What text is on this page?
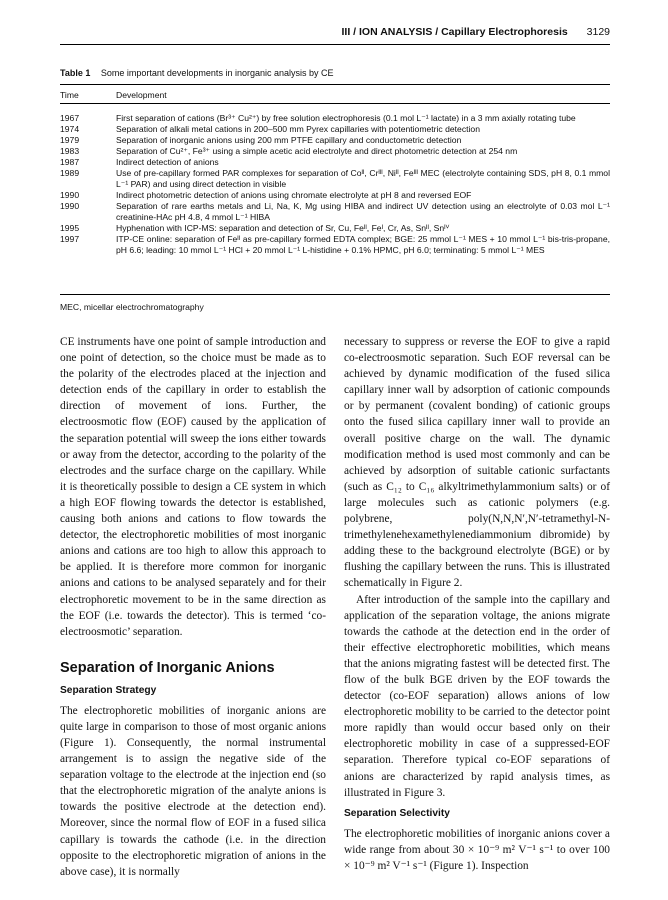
III / ION ANALYSIS / Capillary Electrophoresis 3129
Table 1 Some important developments in inorganic analysis by CE
Time	Development
1967	First separation of cations (Br³⁺ Cu²⁺) by free solution electrophoresis (0.1 mol L⁻¹ lactate) in a 3 mm axially rotating tube
1974	Separation of alkali metal cations in 200–500 mm Pyrex capillaries with potentiometric detection
1979	Separation of inorganic anions using 200 mm PTFE capillary and conductometric detection
1983	Separation of Cu²⁺, Fe³⁺ using a simple acetic acid electrolyte and direct photometric detection at 254 nm
1987	Indirect detection of anions
1989	Use of pre-capillary formed PAR complexes for separation of Coᴵᴵ, Crᴵᴵᴵ, Niᴵᴵ, Feᴵᴵᴵ MEC (electrolyte containing SDS, pH 8, 0.1 mmol L⁻¹ PAR) and using direct detection in visible
1990	Indirect photometric detection of anions using chromate electrolyte at pH 8 and reversed EOF
1990	Separation of rare earths metals and Li, Na, K, Mg using HIBA and indirect UV detection using an electrolyte of 0.03 mol L⁻¹ creatinine-HAc pH 4.8, 4 mmol L⁻¹ HIBA
1995	Hyphenation with ICP-MS: separation and detection of Sr, Cu, Feᴵᴵ, Feᴵ, Cr, As, Snᴵᴵ, Snᴵⱽ
1997	ITP-CE online: separation of Feᴵᴵ as pre-capillary formed EDTA complex; BGE: 25 mmol L⁻¹ MES + 10 mmol L⁻¹ bis-tris-propane, pH 6.6; leading: 10 mmol L⁻¹ HCl + 20 mmol L⁻¹ L-histidine + 0.1% HPMC, pH 6.0; terminating: 5 mmol L⁻¹ MES
MEC, micellar electrochromatography

CE instruments have one point of sample introduction and one point of detection, so the choice must be made as to the polarity of the electrodes placed at the injection and detection ends of the capillary in order to establish the direction of movement of ions. Further, the electroosmotic flow (EOF) caused by the application of the separation potential will sweep the ions either towards or away from the detector, according to the polarity of the electrodes and the surface charge on the capillary. While it is theoretically possible to design a CE system in which a high EOF flowing towards the detector is established, causing both anions and cations to flow towards the detector, the electrophoretic mobilities of most inorganic anions and cations are too high to allow this approach to be applied. It is therefore more common for inorganic anions and cations to be analysed separately and for their electrophoretic movement to be in the same direction as the EOF (i.e. towards the detector). This is termed ‘co-electroosmotic’ separation.

Separation of Inorganic Anions
Separation Strategy

The electrophoretic mobilities of inorganic anions are quite large in comparison to those of most organic anions (Figure 1). Consequently, the normal instrumental arrangement is to assign the negative side of the separation voltage to the electrode at the injection end (so that the electrophoretic migration of the analyte anions is towards the positive electrode at the detection end). Moreover, since the normal flow of EOF in a fused silica capillary is towards the cathode (i.e. in the direction opposite to the electrophoretic migration of anions in the above case), it is normally

necessary to suppress or reverse the EOF to give a rapid co-electroosmotic separation. Such EOF reversal can be achieved by dynamic modification of the fused silica capillary inner wall by adsorption of cationic compounds or by permanent (covalent bonding) of cationic groups onto the fused silica capillary inner wall to provide an overall positive charge on the wall. The dynamic modification method is used most commonly and can be achieved by adsorption of suitable cationic surfactants (such as C₁₂ to C₁₆ alkyltrimethylammonium salts) or of large molecules such as cationic polymers (e.g. polybrene, poly(N,N,N′,N′-tetramethyl-N-trimethylenehexamethylenediammonium dibromide) by adding these to the background electrolyte (BGE) or by flushing the capillary between the runs. This is illustrated schematically in Figure 2.

After introduction of the sample into the capillary and application of the separation voltage, the anions migrate towards the cathode at the detection end in the order of their effective electrophoretic mobilities, which means that the anions migrating fastest will be detected first. The flow of the bulk BGE driven by the EOF towards the detector (co-EOF separation) allows anions of low electrophoretic mobility to be carried to the detector point more rapidly than would occur based only on their electrophoretic mobility in case of a suppressed-EOF separation. Therefore typical co-EOF separations of anions are characterized by rapid analysis times, as illustrated in Figure 3.

Separation Selectivity

The electrophoretic mobilities of inorganic anions cover a wide range from about 30 × 10⁻⁹ m² V⁻¹ s⁻¹ to over 100 × 10⁻⁹ m² V⁻¹ s⁻¹ (Figure 1). Inspection
